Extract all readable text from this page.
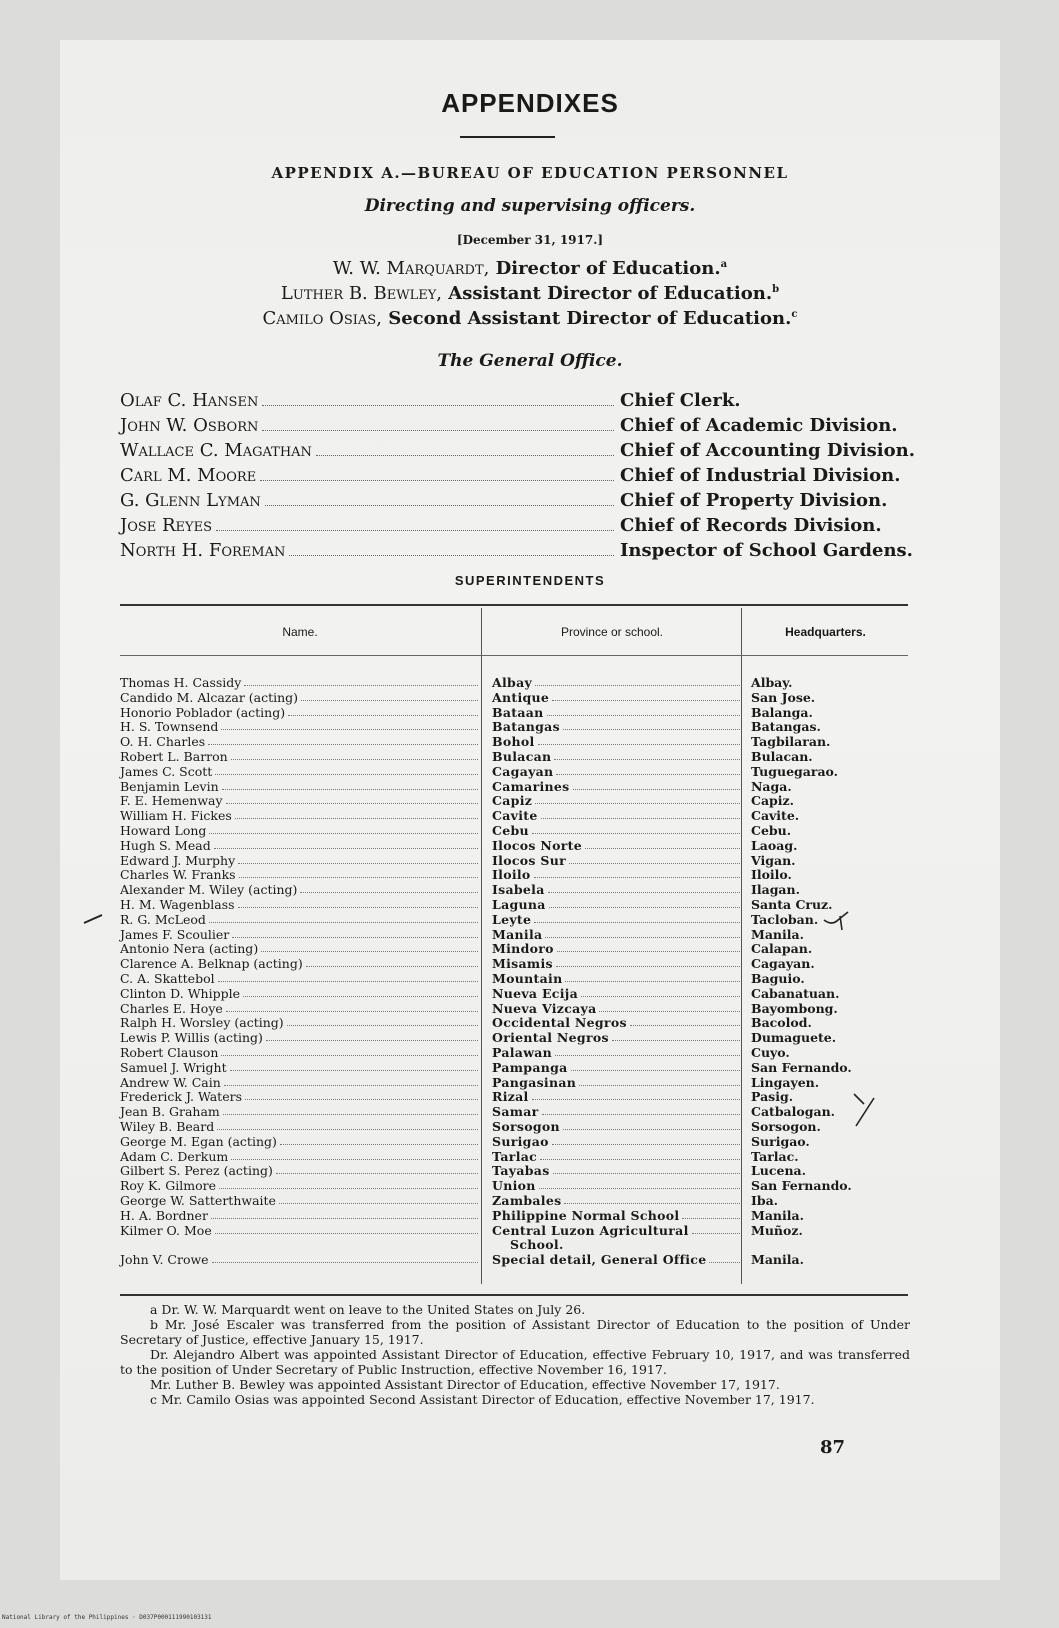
APPENDIXES
APPENDIX A.—BUREAU OF EDUCATION PERSONNEL
Directing and supervising officers.
[December 31, 1917.]
W. W. Marquardt, Director of Education.$^a$
Luther B. Bewley, Assistant Director of Education.$^b$
Camilo Osias, Second Assistant Director of Education.$^c$
The General Office.
Olaf C. Hansen	Chief Clerk.
John W. Osborn	Chief of Academic Division.
Wallace C. Magathan	Chief of Accounting Division.
Carl M. Moore	Chief of Industrial Division.
G. Glenn Lyman	Chief of Property Division.
Jose Reyes	Chief of Records Division.
North H. Foreman	Inspector of School Gardens.
SUPERINTENDENTS
Name.	Province or school.	Headquarters.
Thomas H. Cassidy	Albay	Albay.
Candido M. Alcazar (acting)	Antique	San Jose.
Honorio Poblador (acting)	Bataan	Balanga.
H. S. Townsend	Batangas	Batangas.
O. H. Charles	Bohol	Tagbilaran.
Robert L. Barron	Bulacan	Bulacan.
James C. Scott	Cagayan	Tuguegarao.
Benjamin Levin	Camarines	Naga.
F. E. Hemenway	Capiz	Capiz.
William H. Fickes	Cavite	Cavite.
Howard Long	Cebu	Cebu.
Hugh S. Mead	Ilocos Norte	Laoag.
Edward J. Murphy	Ilocos Sur	Vigan.
Charles W. Franks	Iloilo	Iloilo.
Alexander M. Wiley (acting)	Isabela	Ilagan.
H. M. Wagenblass	Laguna	Santa Cruz.
R. G. McLeod	Leyte	Tacloban.
James F. Scoulier	Manila	Manila.
Antonio Nera (acting)	Mindoro	Calapan.
Clarence A. Belknap (acting)	Misamis	Cagayan.
C. A. Skattebol	Mountain	Baguio.
Clinton D. Whipple	Nueva Ecija	Cabanatuan.
Charles E. Hoye	Nueva Vizcaya	Bayombong.
Ralph H. Worsley (acting)	Occidental Negros	Bacolod.
Lewis P. Willis (acting)	Oriental Negros	Dumaguete.
Robert Clauson	Palawan	Cuyo.
Samuel J. Wright	Pampanga	San Fernando.
Andrew W. Cain	Pangasinan	Lingayen.
Frederick J. Waters	Rizal	Pasig.
Jean B. Graham	Samar	Catbalogan.
Wiley B. Beard	Sorsogon	Sorsogon.
George M. Egan (acting)	Surigao	Surigao.
Adam C. Derkum	Tarlac	Tarlac.
Gilbert S. Perez (acting)	Tayabas	Lucena.
Roy K. Gilmore	Union	San Fernando.
George W. Satterthwaite	Zambales	Iba.
H. A. Bordner	Philippine Normal School	Manila.
Kilmer O. Moe	Central Luzon Agricultural	Muñoz.
School.
John V. Crowe	Special detail, General Office	Manila.

a Dr. W. W. Marquardt went on leave to the United States on July 26.

b Mr. José Escaler was transferred from the position of Assistant Director of Education to the position of Under Secretary of Justice, effective January 15, 1917.

Dr. Alejandro Albert was appointed Assistant Director of Education, effective February 10, 1917, and was transferred to the position of Under Secretary of Public Instruction, effective November 16, 1917.

Mr. Luther B. Bewley was appointed Assistant Director of Education, effective November 17, 1917.

c Mr. Camilo Osias was appointed Second Assistant Director of Education, effective November 17, 1917.

87
National Library of the Philippines · D037P000111990103131
